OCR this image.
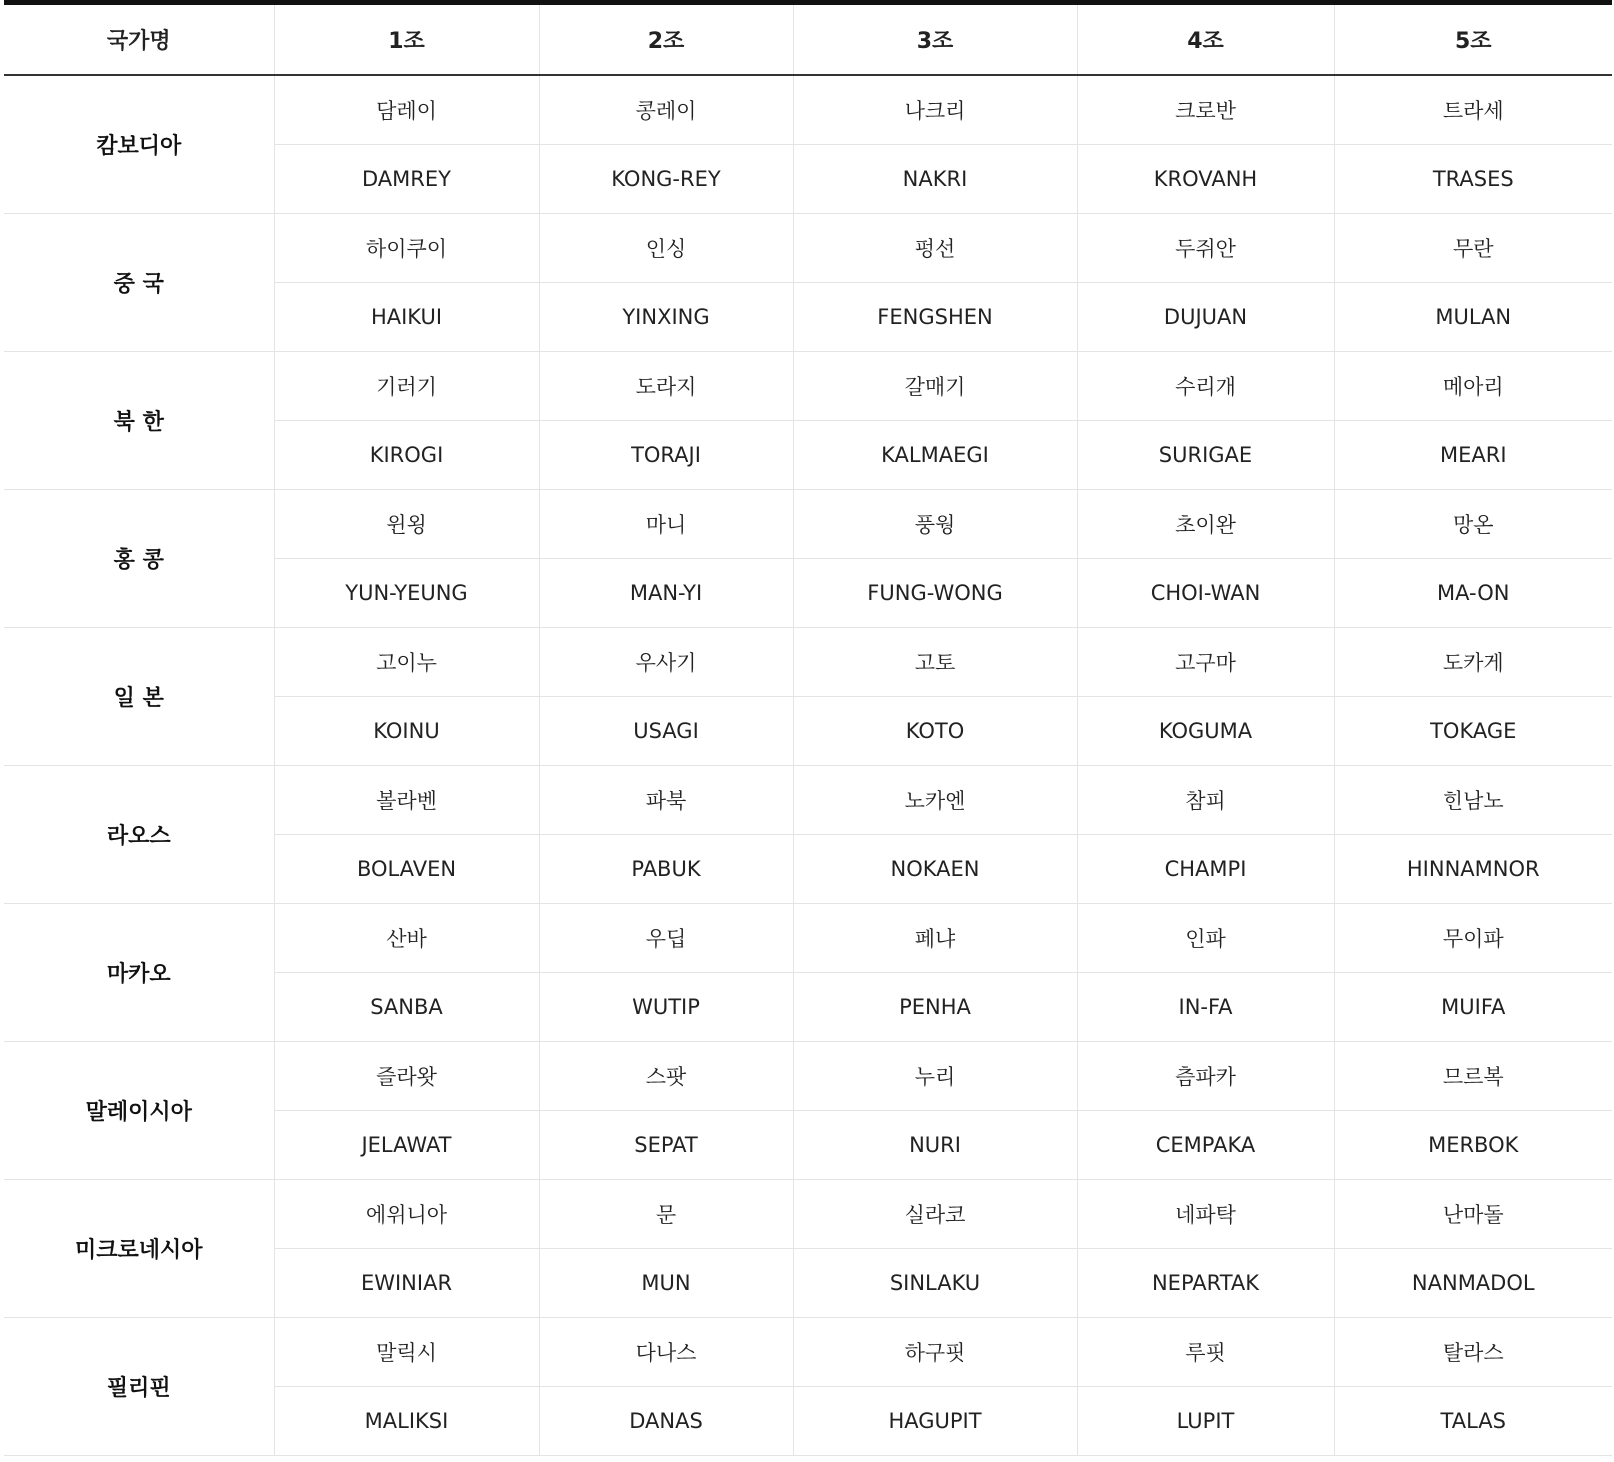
국가명	1조	2조	3조	4조	5조
캄보디아	담레이	콩레이	나크리	크로반	트라세
	DAMREY	KONG-REY	NAKRI	KROVANH	TRASES
중 국	하이쿠이	인싱	펑선	두쥐안	무란
	HAIKUI	YINXING	FENGSHEN	DUJUAN	MULAN
북 한	기러기	도라지	갈매기	수리개	메아리
	KIROGI	TORAJI	KALMAEGI	SURIGAE	MEARI
홍 콩	윈욍	마니	풍웡	초이완	망온
	YUN-YEUNG	MAN-YI	FUNG-WONG	CHOI-WAN	MA-ON
일 본	고이누	우사기	고토	고구마	도카게
	KOINU	USAGI	KOTO	KOGUMA	TOKAGE
라오스	볼라벤	파북	노카엔	참피	힌남노
	BOLAVEN	PABUK	NOKAEN	CHAMPI	HINNAMNOR
마카오	산바	우딥	페냐	인파	무이파
	SANBA	WUTIP	PENHA	IN-FA	MUIFA
말레이시아	즐라왓	스팟	누리	츰파카	므르복
	JELAWAT	SEPAT	NURI	CEMPAKA	MERBOK
미크로네시아	에위니아	문	실라코	네파탁	난마돌
	EWINIAR	MUN	SINLAKU	NEPARTAK	NANMADOL
필리핀	말릭시	다나스	하구핏	루핏	탈라스
	MALIKSI	DANAS	HAGUPIT	LUPIT	TALAS
